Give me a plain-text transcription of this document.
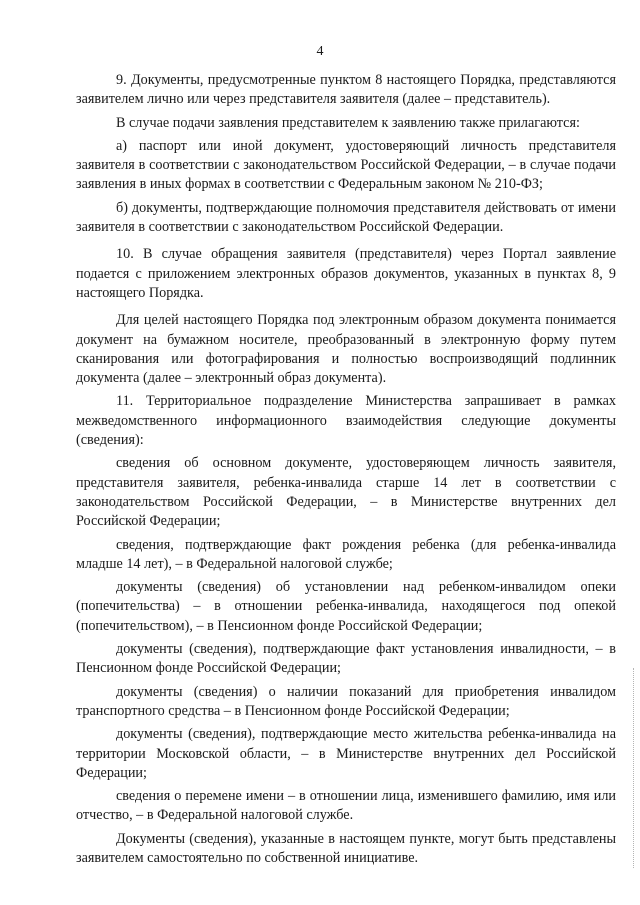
4

9. Документы, предусмотренные пунктом 8 настоящего Порядка, представляются заявителем лично или через представителя заявителя (далее – представитель).

В случае подачи заявления представителем к заявлению также прилагаются:

а) паспорт или иной документ, удостоверяющий личность представителя заявителя в соответствии с законодательством Российской Федерации, – в случае подачи заявления в иных формах в соответствии с Федеральным законом № 210-ФЗ;

б) документы, подтверждающие полномочия представителя действовать от имени заявителя в соответствии с законодательством Российской Федерации.

10. В случае обращения заявителя (представителя) через Портал заявление подается с приложением электронных образов документов, указанных в пунктах 8, 9 настоящего Порядка.

Для целей настоящего Порядка под электронным образом документа понимается документ на бумажном носителе, преобразованный в электронную форму путем сканирования или фотографирования и полностью воспроизводящий подлинник документа (далее – электронный образ документа).

11. Территориальное подразделение Министерства запрашивает в рамках межведомственного информационного взаимодействия следующие документы (сведения):

сведения об основном документе, удостоверяющем личность заявителя, представителя заявителя, ребенка-инвалида старше 14 лет в соответствии с законодательством Российской Федерации, – в Министерстве внутренних дел Российской Федерации;

сведения, подтверждающие факт рождения ребенка (для ребенка-инвалида младше 14 лет), – в Федеральной налоговой службе;

документы (сведения) об установлении над ребенком-инвалидом опеки (попечительства) – в отношении ребенка-инвалида, находящегося под опекой (попечительством), – в Пенсионном фонде Российской Федерации;

документы (сведения), подтверждающие факт установления инвалидности, – в Пенсионном фонде Российской Федерации;

документы (сведения) о наличии показаний для приобретения инвалидом транспортного средства – в Пенсионном фонде Российской Федерации;

документы (сведения), подтверждающие место жительства ребенка-инвалида на территории Московской области, – в Министерстве внутренних дел Российской Федерации;

сведения о перемене имени – в отношении лица, изменившего фамилию, имя или отчество, – в Федеральной налоговой службе.

Документы (сведения), указанные в настоящем пункте, могут быть представлены заявителем самостоятельно по собственной инициативе.
